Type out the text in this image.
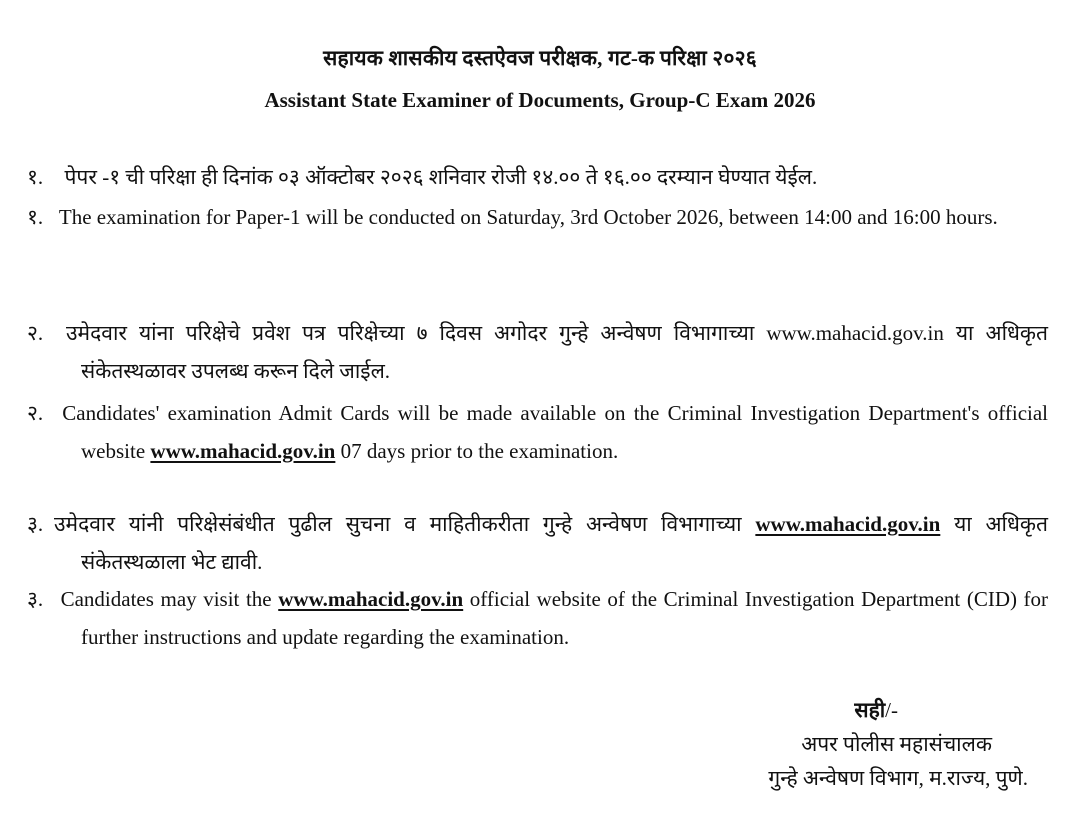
सहायक शासकीय दस्तऐवज परीक्षक, गट-क परिक्षा २०२६
Assistant State Examiner of Documents, Group-C Exam 2026
१. पेपर -१ ची परिक्षा ही दिनांक ०३ ऑक्टोबर २०२६ शनिवार रोजी १४.०० ते १६.०० दरम्यान घेण्यात येईल.
१. The examination for Paper-1 will be conducted on Saturday, 3rd October 2026, between 14:00 and 16:00 hours.
२. उमेदवार यांना परिक्षेचे प्रवेश पत्र परिक्षेच्या ७ दिवस अगोदर गुन्हे अन्वेषण विभागाच्या www.mahacid.gov.in या अधिकृत संकेतस्थळावर उपलब्ध करून दिले जाईल.
२. Candidates' examination Admit Cards will be made available on the Criminal Investigation Department's official website www.mahacid.gov.in 07 days prior to the examination.
३. उमेदवार यांनी परिक्षेसंबंधीत पुढील सुचना व माहितीकरीता गुन्हे अन्वेषण विभागाच्या www.mahacid.gov.in या अधिकृत संकेतस्थळाला भेट द्यावी.
३. Candidates may visit the www.mahacid.gov.in official website of the Criminal Investigation Department (CID) for further instructions and update regarding the examination.
सही/-
अपर पोलीस महासंचालक
गुन्हे अन्वेषण विभाग, म.राज्य, पुणे.
